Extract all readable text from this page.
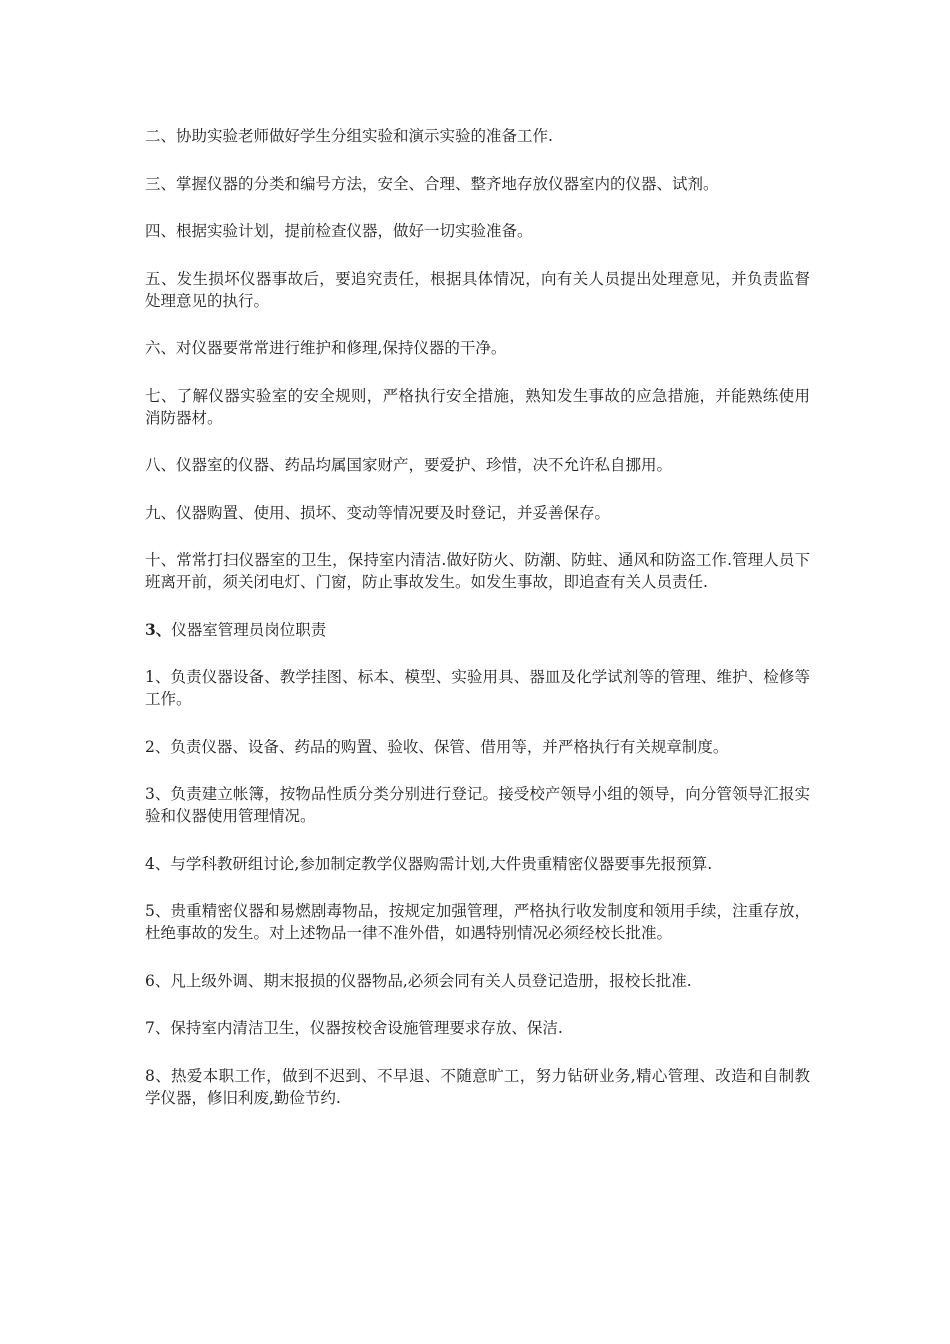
二、协助实验老师做好学生分组实验和演示实验的准备工作.

三、掌握仪器的分类和编号方法，安全、合理、整齐地存放仪器室内的仪器、试剂。

四、根据实验计划，提前检查仪器，做好一切实验准备。

五、发生损坏仪器事故后，要追究责任，根据具体情况，向有关人员提出处理意见，并负责监督处理意见的执行。

六、对仪器要常常进行维护和修理,保持仪器的干净。

七、了解仪器实验室的安全规则，严格执行安全措施，熟知发生事故的应急措施，并能熟练使用消防器材。

八、仪器室的仪器、药品均属国家财产，要爱护、珍惜，决不允许私自挪用。

九、仪器购置、使用、损坏、变动等情况要及时登记，并妥善保存。

十、常常打扫仪器室的卫生，保持室内清洁.做好防火、防潮、防蛀、通风和防盗工作.管理人员下班离开前，须关闭电灯、门窗，防止事故发生。如发生事故，即追查有关人员责任.

3、仪器室管理员岗位职责

1、负责仪器设备、教学挂图、标本、模型、实验用具、器皿及化学试剂等的管理、维护、检修等工作。

2、负责仪器、设备、药品的购置、验收、保管、借用等，并严格执行有关规章制度。

3、负责建立帐簿，按物品性质分类分别进行登记。接受校产领导小组的领导，向分管领导汇报实验和仪器使用管理情况。

4、与学科教研组讨论,参加制定教学仪器购需计划,大件贵重精密仪器要事先报预算.

5、贵重精密仪器和易燃剧毒物品，按规定加强管理，严格执行收发制度和领用手续，注重存放，杜绝事故的发生。对上述物品一律不准外借，如遇特别情况必须经校长批准。

6、凡上级外调、期末报损的仪器物品,必须会同有关人员登记造册，报校长批准.

7、保持室内清洁卫生，仪器按校舍设施管理要求存放、保洁.

8、热爱本职工作，做到不迟到、不早退、不随意旷工，努力钻研业务,精心管理、改造和自制教学仪器，修旧利废,勤俭节约.
